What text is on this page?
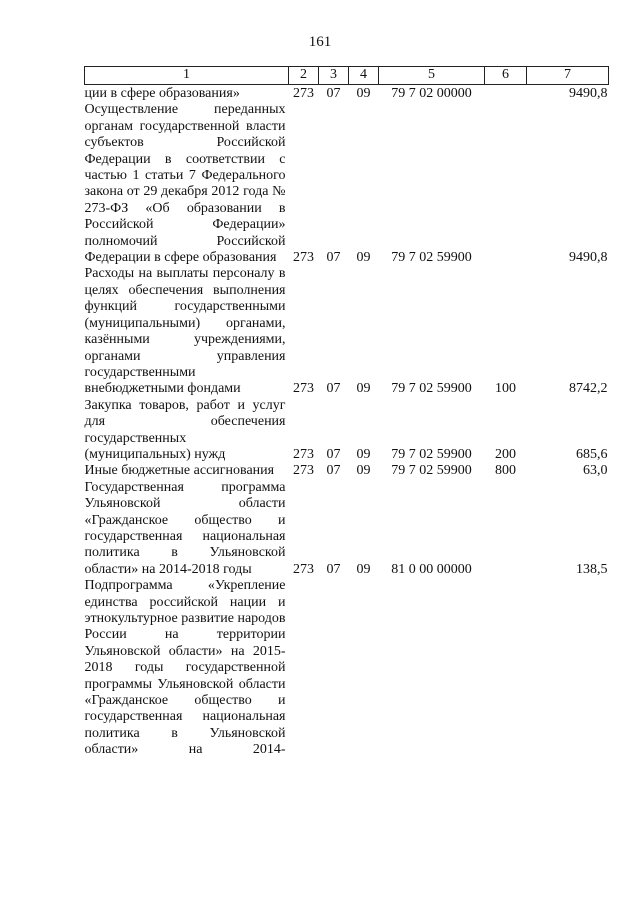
161
1	2	3	4	5	6	7
ции в сфере образования»	273	07	09	79 7 02 00000		9490,8
Осуществление переданных органам государственной власти субъектов Российской Федерации в соответствии с частью 1 статьи 7 Федерального закона от 29 декабря 2012 года № 273-ФЗ «Об образовании в Российской Федерации» полномочий Российской Федерации в сфере образования	273	07	09	79 7 02 59900		9490,8
Расходы на выплаты персоналу в целях обеспечения выполнения функций государственными (муниципальными) органами, казёнными учреждениями, органами управления государственными внебюджетными фондами	273	07	09	79 7 02 59900	100	8742,2
Закупка товаров, работ и услуг для обеспечения государственных (муниципальных) нужд	273	07	09	79 7 02 59900	200	685,6
Иные бюджетные ассигнования	273	07	09	79 7 02 59900	800	63,0
Государственная программа Ульяновской области «Гражданское общество и государственная национальная политика в Ульяновской области» на 2014-2018 годы	273	07	09	81 0 00 00000		138,5
Подпрограмма «Укрепление единства российской нации и этнокультурное развитие народов России на территории Ульяновской области» на 2015-2018 годы государственной программы Ульяновской области «Гражданское общество и государственная национальная политика в Ульяновской области» на 2014-						
